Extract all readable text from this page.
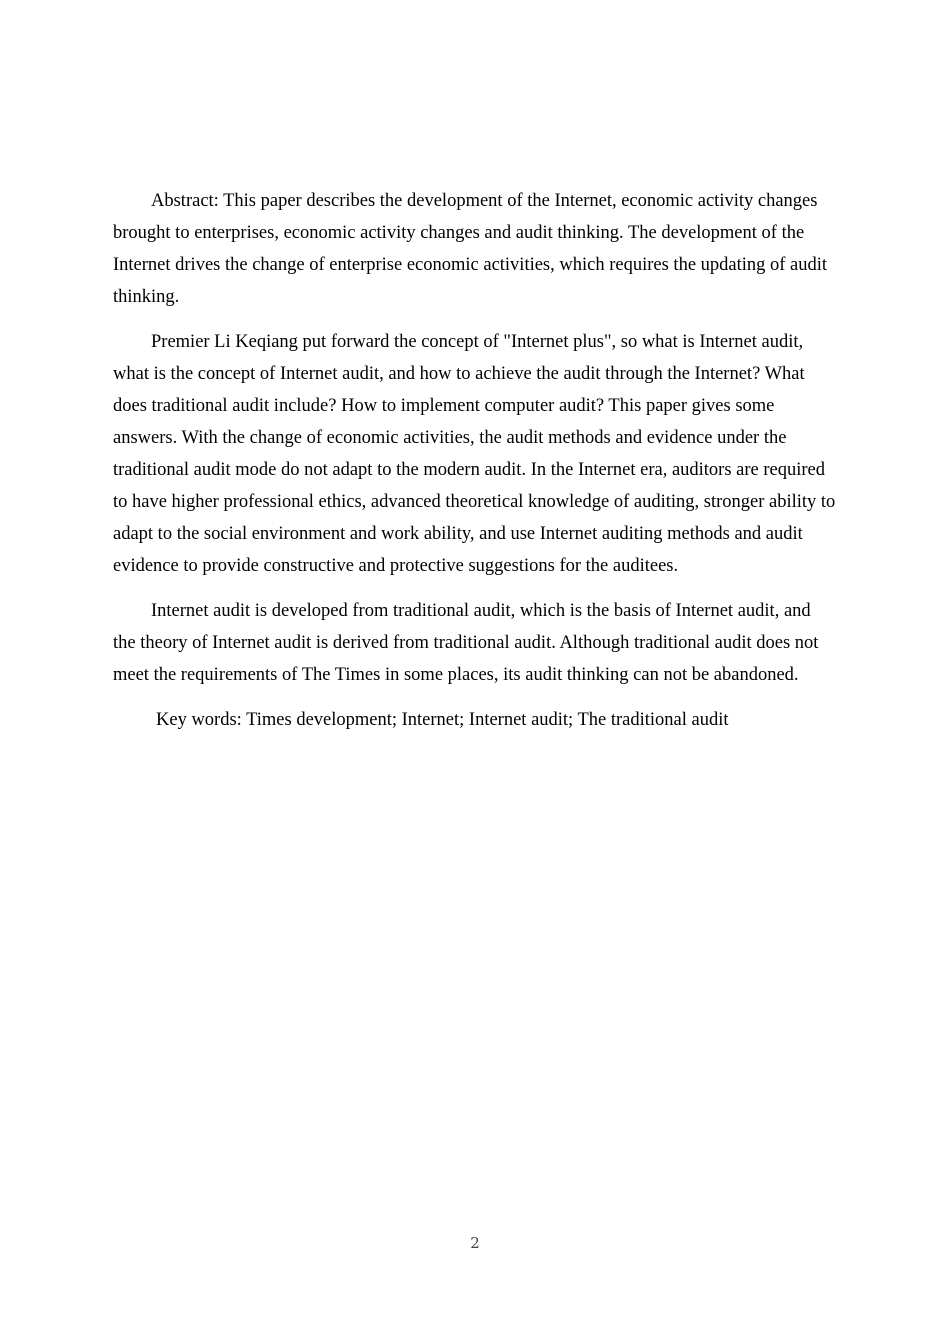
Abstract: This paper describes the development of the Internet, economic activity changes brought to enterprises, economic activity changes and audit thinking. The development of the Internet drives the change of enterprise economic activities, which requires the updating of audit thinking.

Premier Li Keqiang put forward the concept of "Internet plus", so what is Internet audit, what is the concept of Internet audit, and how to achieve the audit through the Internet? What does traditional audit include? How to implement computer audit? This paper gives some answers. With the change of economic activities, the audit methods and evidence under the traditional audit mode do not adapt to the modern audit. In the Internet era, auditors are required to have higher professional ethics, advanced theoretical knowledge of auditing, stronger ability to adapt to the social environment and work ability, and use Internet auditing methods and audit evidence to provide constructive and protective suggestions for the auditees.

Internet audit is developed from traditional audit, which is the basis of Internet audit, and the theory of Internet audit is derived from traditional audit. Although traditional audit does not meet the requirements of The Times in some places, its audit thinking can not be abandoned.

Key words: Times development; Internet; Internet audit; The traditional audit

2
